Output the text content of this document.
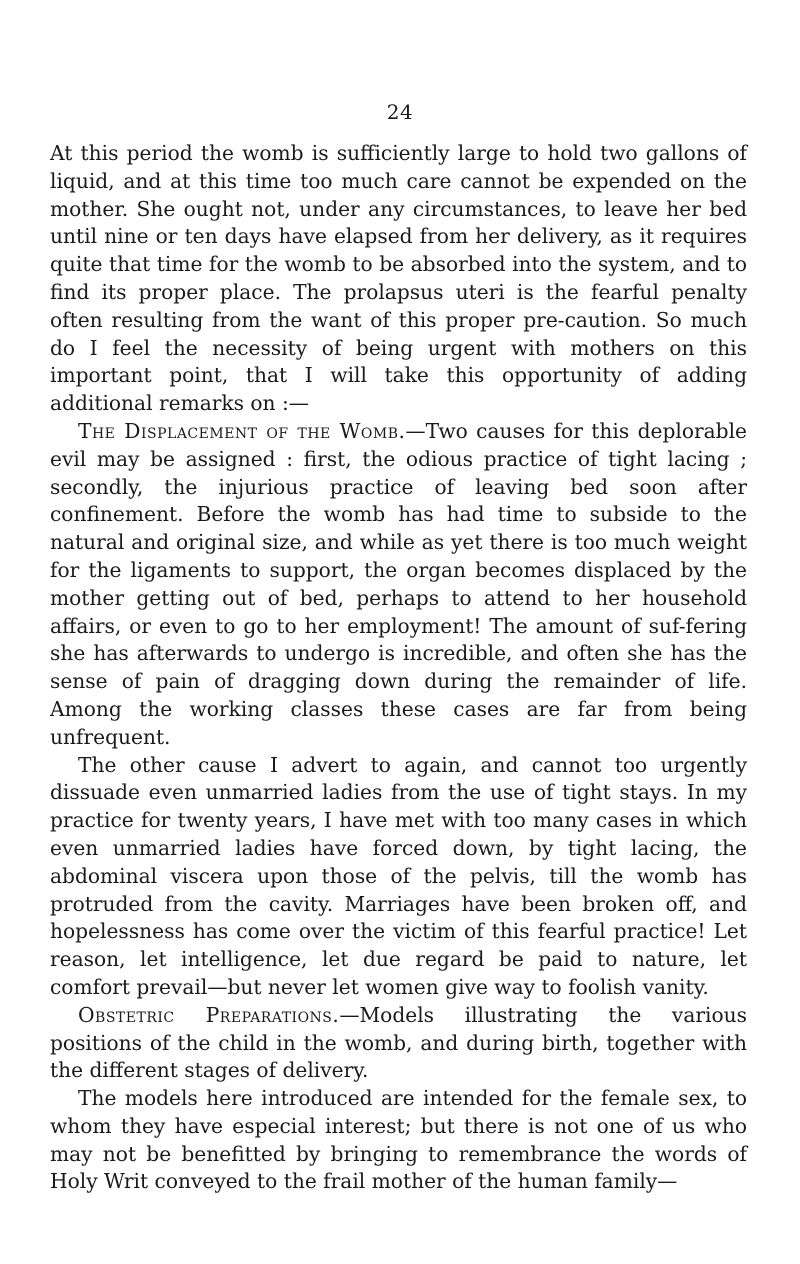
24

At this period the womb is sufficiently large to hold two gallons of liquid, and at this time too much care cannot be expended on the mother. She ought not, under any circumstances, to leave her bed until nine or ten days have elapsed from her delivery, as it requires quite that time for the womb to be absorbed into the system, and to find its proper place. The prolapsus uteri is the fearful penalty often resulting from the want of this proper pre-caution. So much do I feel the necessity of being urgent with mothers on this important point, that I will take this opportunity of adding additional remarks on :—

The Displacement of the Womb.—Two causes for this deplorable evil may be assigned : first, the odious practice of tight lacing ; secondly, the injurious practice of leaving bed soon after confinement. Before the womb has had time to subside to the natural and original size, and while as yet there is too much weight for the ligaments to support, the organ becomes displaced by the mother getting out of bed, perhaps to attend to her household affairs, or even to go to her employment! The amount of suf-fering she has afterwards to undergo is incredible, and often she has the sense of pain of dragging down during the remainder of life. Among the working classes these cases are far from being unfrequent.

The other cause I advert to again, and cannot too urgently dissuade even unmarried ladies from the use of tight stays. In my practice for twenty years, I have met with too many cases in which even unmarried ladies have forced down, by tight lacing, the abdominal viscera upon those of the pelvis, till the womb has protruded from the cavity. Marriages have been broken off, and hopelessness has come over the victim of this fearful practice! Let reason, let intelligence, let due regard be paid to nature, let comfort prevail—but never let women give way to foolish vanity.

Obstetric Preparations.—Models illustrating the various positions of the child in the womb, and during birth, together with the different stages of delivery.

The models here introduced are intended for the female sex, to whom they have especial interest; but there is not one of us who may not be benefitted by bringing to remembrance the words of Holy Writ conveyed to the frail mother of the human family—
